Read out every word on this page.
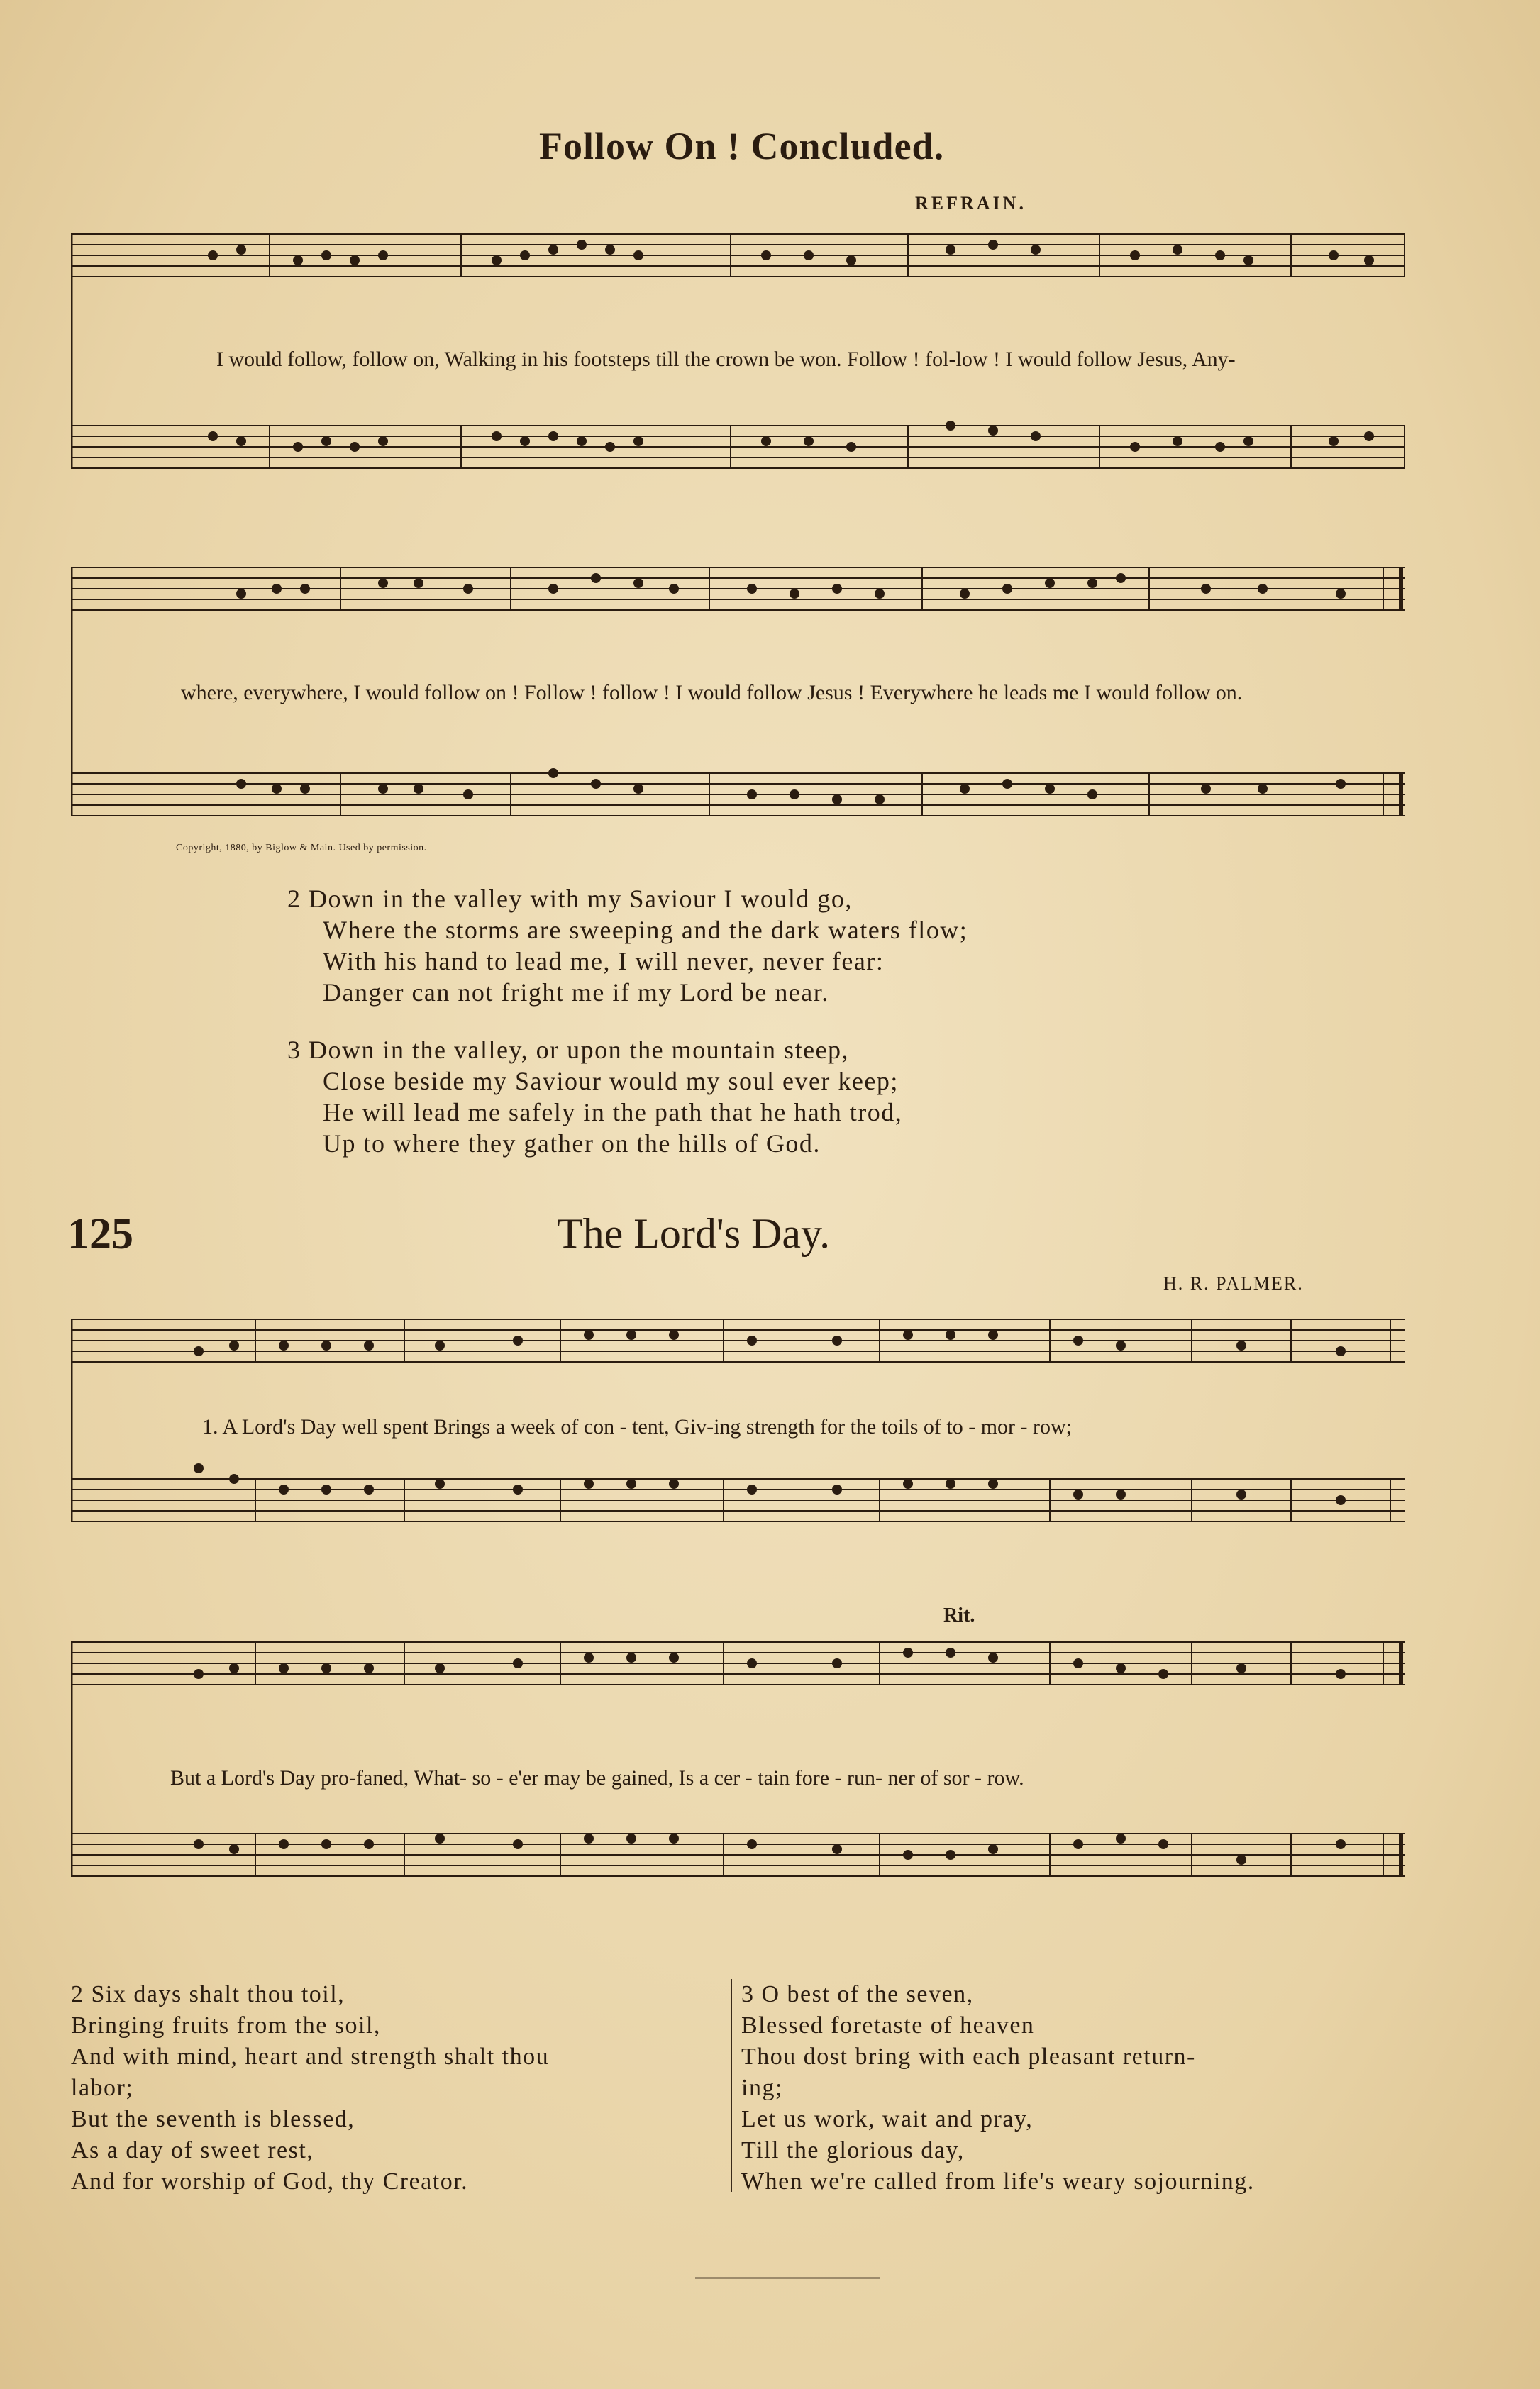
Follow On ! Concluded.
REFRAIN.
I would follow, follow on, Walking in his footsteps till the crown be won. Follow ! fol-low ! I would follow Jesus, Any-
where, everywhere, I would follow on ! Follow ! follow ! I would follow Jesus ! Everywhere he leads me I would follow on.
Copyright, 1880, by Biglow & Main. Used by permission.
2 Down in the valley with my Saviour I would go,
Where the storms are sweeping and the dark waters flow;
With his hand to lead me, I will never, never fear:
Danger can not fright me if my Lord be near.
3 Down in the valley, or upon the mountain steep,
Close beside my Saviour would my soul ever keep;
He will lead me safely in the path that he hath trod,
Up to where they gather on the hills of God.
125	The Lord's Day.
H. R. PALMER.
1. A Lord's Day well spent Brings a week of con - tent, Giv-ing strength for the toils of to - mor - row;
Rit.
But a Lord's Day pro-faned, What- so - e'er may be gained, Is a cer - tain fore - run- ner of sor - row.
2 Six days shalt thou toil,
Bringing fruits from the soil,
And with mind, heart and strength shalt thou
labor;
But the seventh is blessed,
As a day of sweet rest,
And for worship of God, thy Creator.
3 O best of the seven,
Blessed foretaste of heaven
Thou dost bring with each pleasant return-
ing;
Let us work, wait and pray,
Till the glorious day,
When we're called from life's weary sojourning.
